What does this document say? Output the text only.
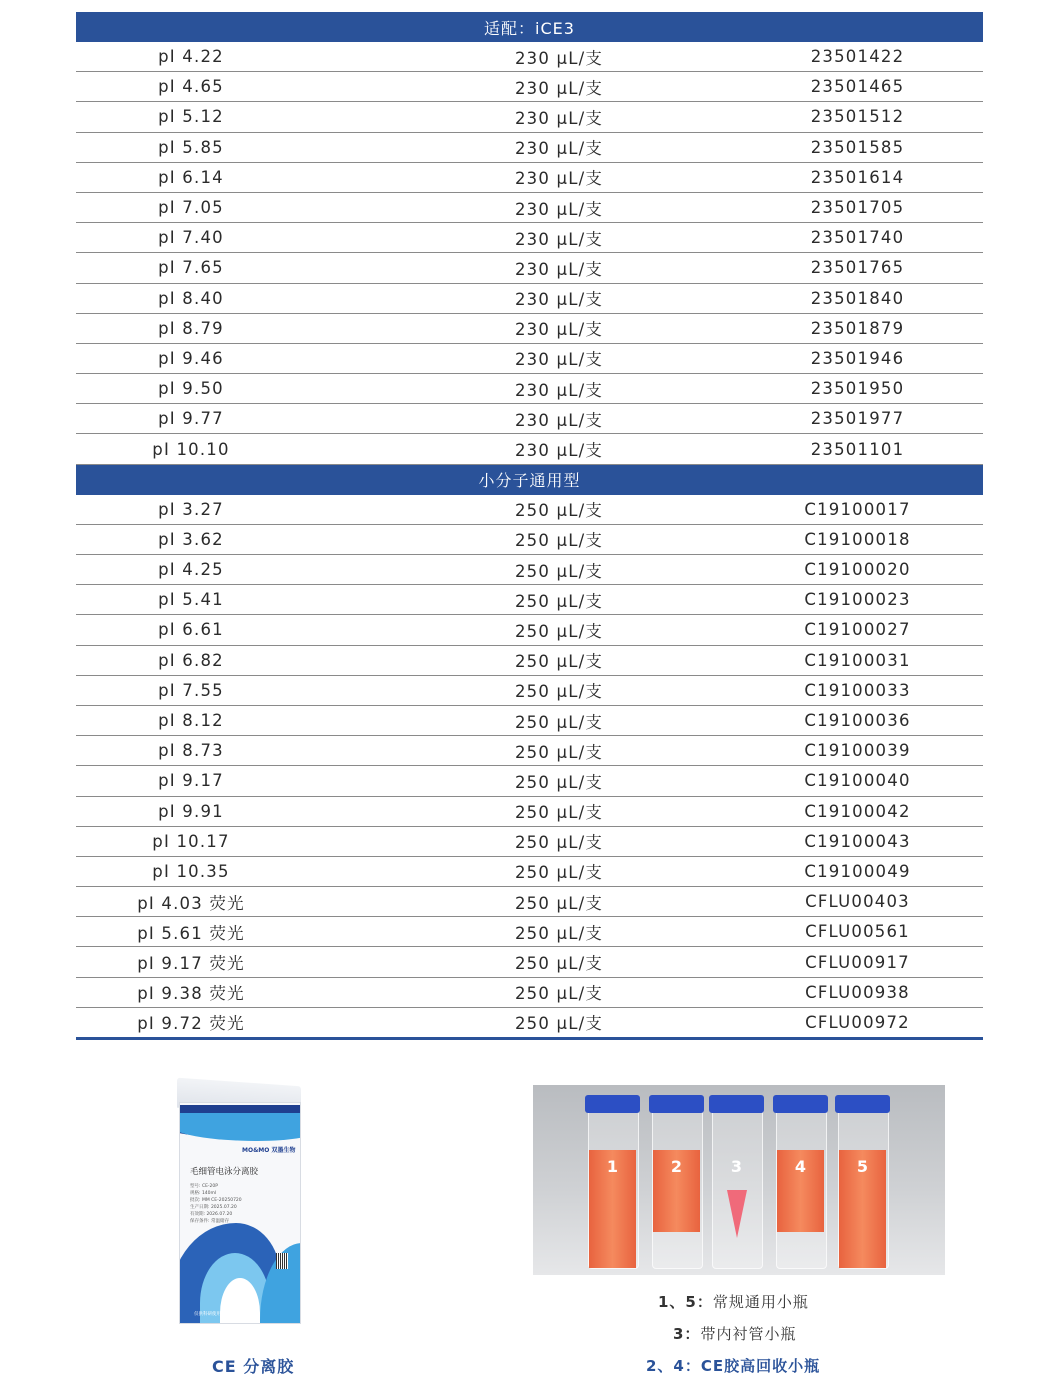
适配：iCE3
pI 4.22	230 μL/支	23501422
pI 4.65	230 μL/支	23501465
pI 5.12	230 μL/支	23501512
pI 5.85	230 μL/支	23501585
pI 6.14	230 μL/支	23501614
pI 7.05	230 μL/支	23501705
pI 7.40	230 μL/支	23501740
pI 7.65	230 μL/支	23501765
pI 8.40	230 μL/支	23501840
pI 8.79	230 μL/支	23501879
pI 9.46	230 μL/支	23501946
pI 9.50	230 μL/支	23501950
pI 9.77	230 μL/支	23501977
pI 10.10	230 μL/支	23501101
小分子通用型
pI 3.27	250 μL/支	C19100017
pI 3.62	250 μL/支	C19100018
pI 4.25	250 μL/支	C19100020
pI 5.41	250 μL/支	C19100023
pI 6.61	250 μL/支	C19100027
pI 6.82	250 μL/支	C19100031
pI 7.55	250 μL/支	C19100033
pI 8.12	250 μL/支	C19100036
pI 8.73	250 μL/支	C19100039
pI 9.17	250 μL/支	C19100040
pI 9.91	250 μL/支	C19100042
pI 10.17	250 μL/支	C19100043
pI 10.35	250 μL/支	C19100049
pI 4.03 荧光	250 μL/支	CFLU00403
pI 5.61 荧光	250 μL/支	CFLU00561
pI 9.17 荧光	250 μL/支	CFLU00917
pI 9.38 荧光	250 μL/支	CFLU00938
pI 9.72 荧光	250 μL/支	CFLU00972
MO&MO 双墨生物
毛细管电泳分离胶
型号: CE-20P
规格: 140ml
批次: MM CE-20250720
生产日期: 2025.07.20
有效期: 2026.07.20
保存条件: 常温储存
仅供科研使用
CE 分离胶
1	2	3	4	5
1、5：常规通用小瓶
3：带内衬管小瓶
2、4：CE胶高回收小瓶
